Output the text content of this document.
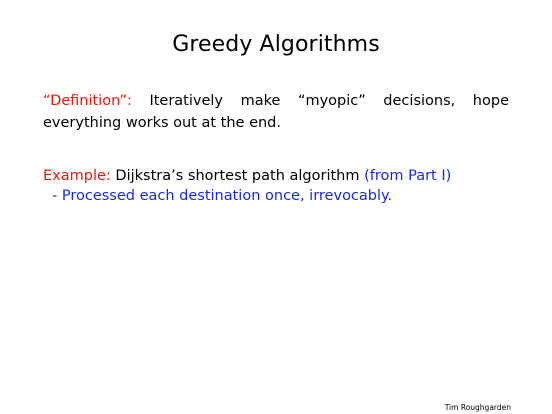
Greedy Algorithms
“Definition”: Iteratively make “myopic” decisions, hope everything works out at the end.
Example: Dijkstra’s shortest path algorithm (from Part I)
- Processed each destination once, irrevocably.
Tim Roughgarden
